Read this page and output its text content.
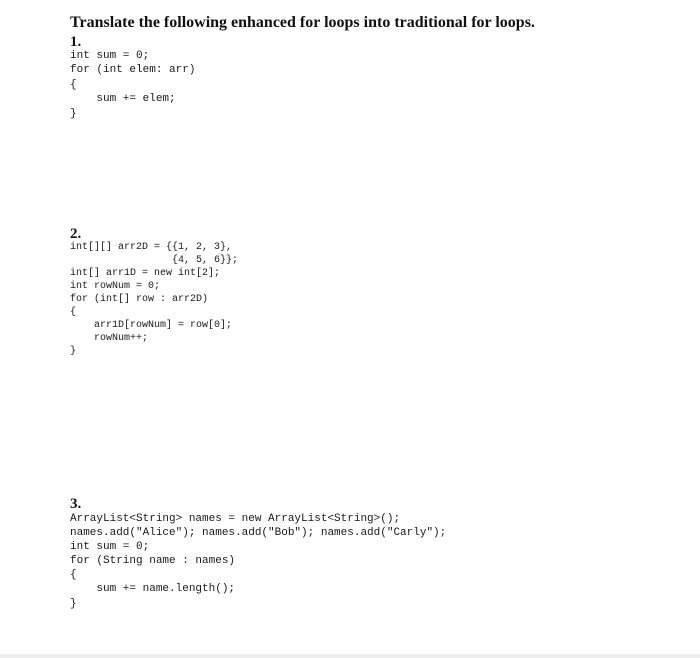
Translate the following enhanced for loops into traditional for loops.
1.
int sum = 0;
for (int elem: arr)
{
sum += elem;
}
2.
int[][] arr2D = {{1, 2, 3},
{4, 5, 6}};
int[] arr1D = new int[2];
int rowNum = 0;
for (int[] row : arr2D)
{
arr1D[rowNum] = row[0];
rowNum++;
}
3.
ArrayList<String> names = new ArrayList<String>();
names.add("Alice"); names.add("Bob"); names.add("Carly");
int sum = 0;
for (String name : names)
{
sum += name.length();
}
